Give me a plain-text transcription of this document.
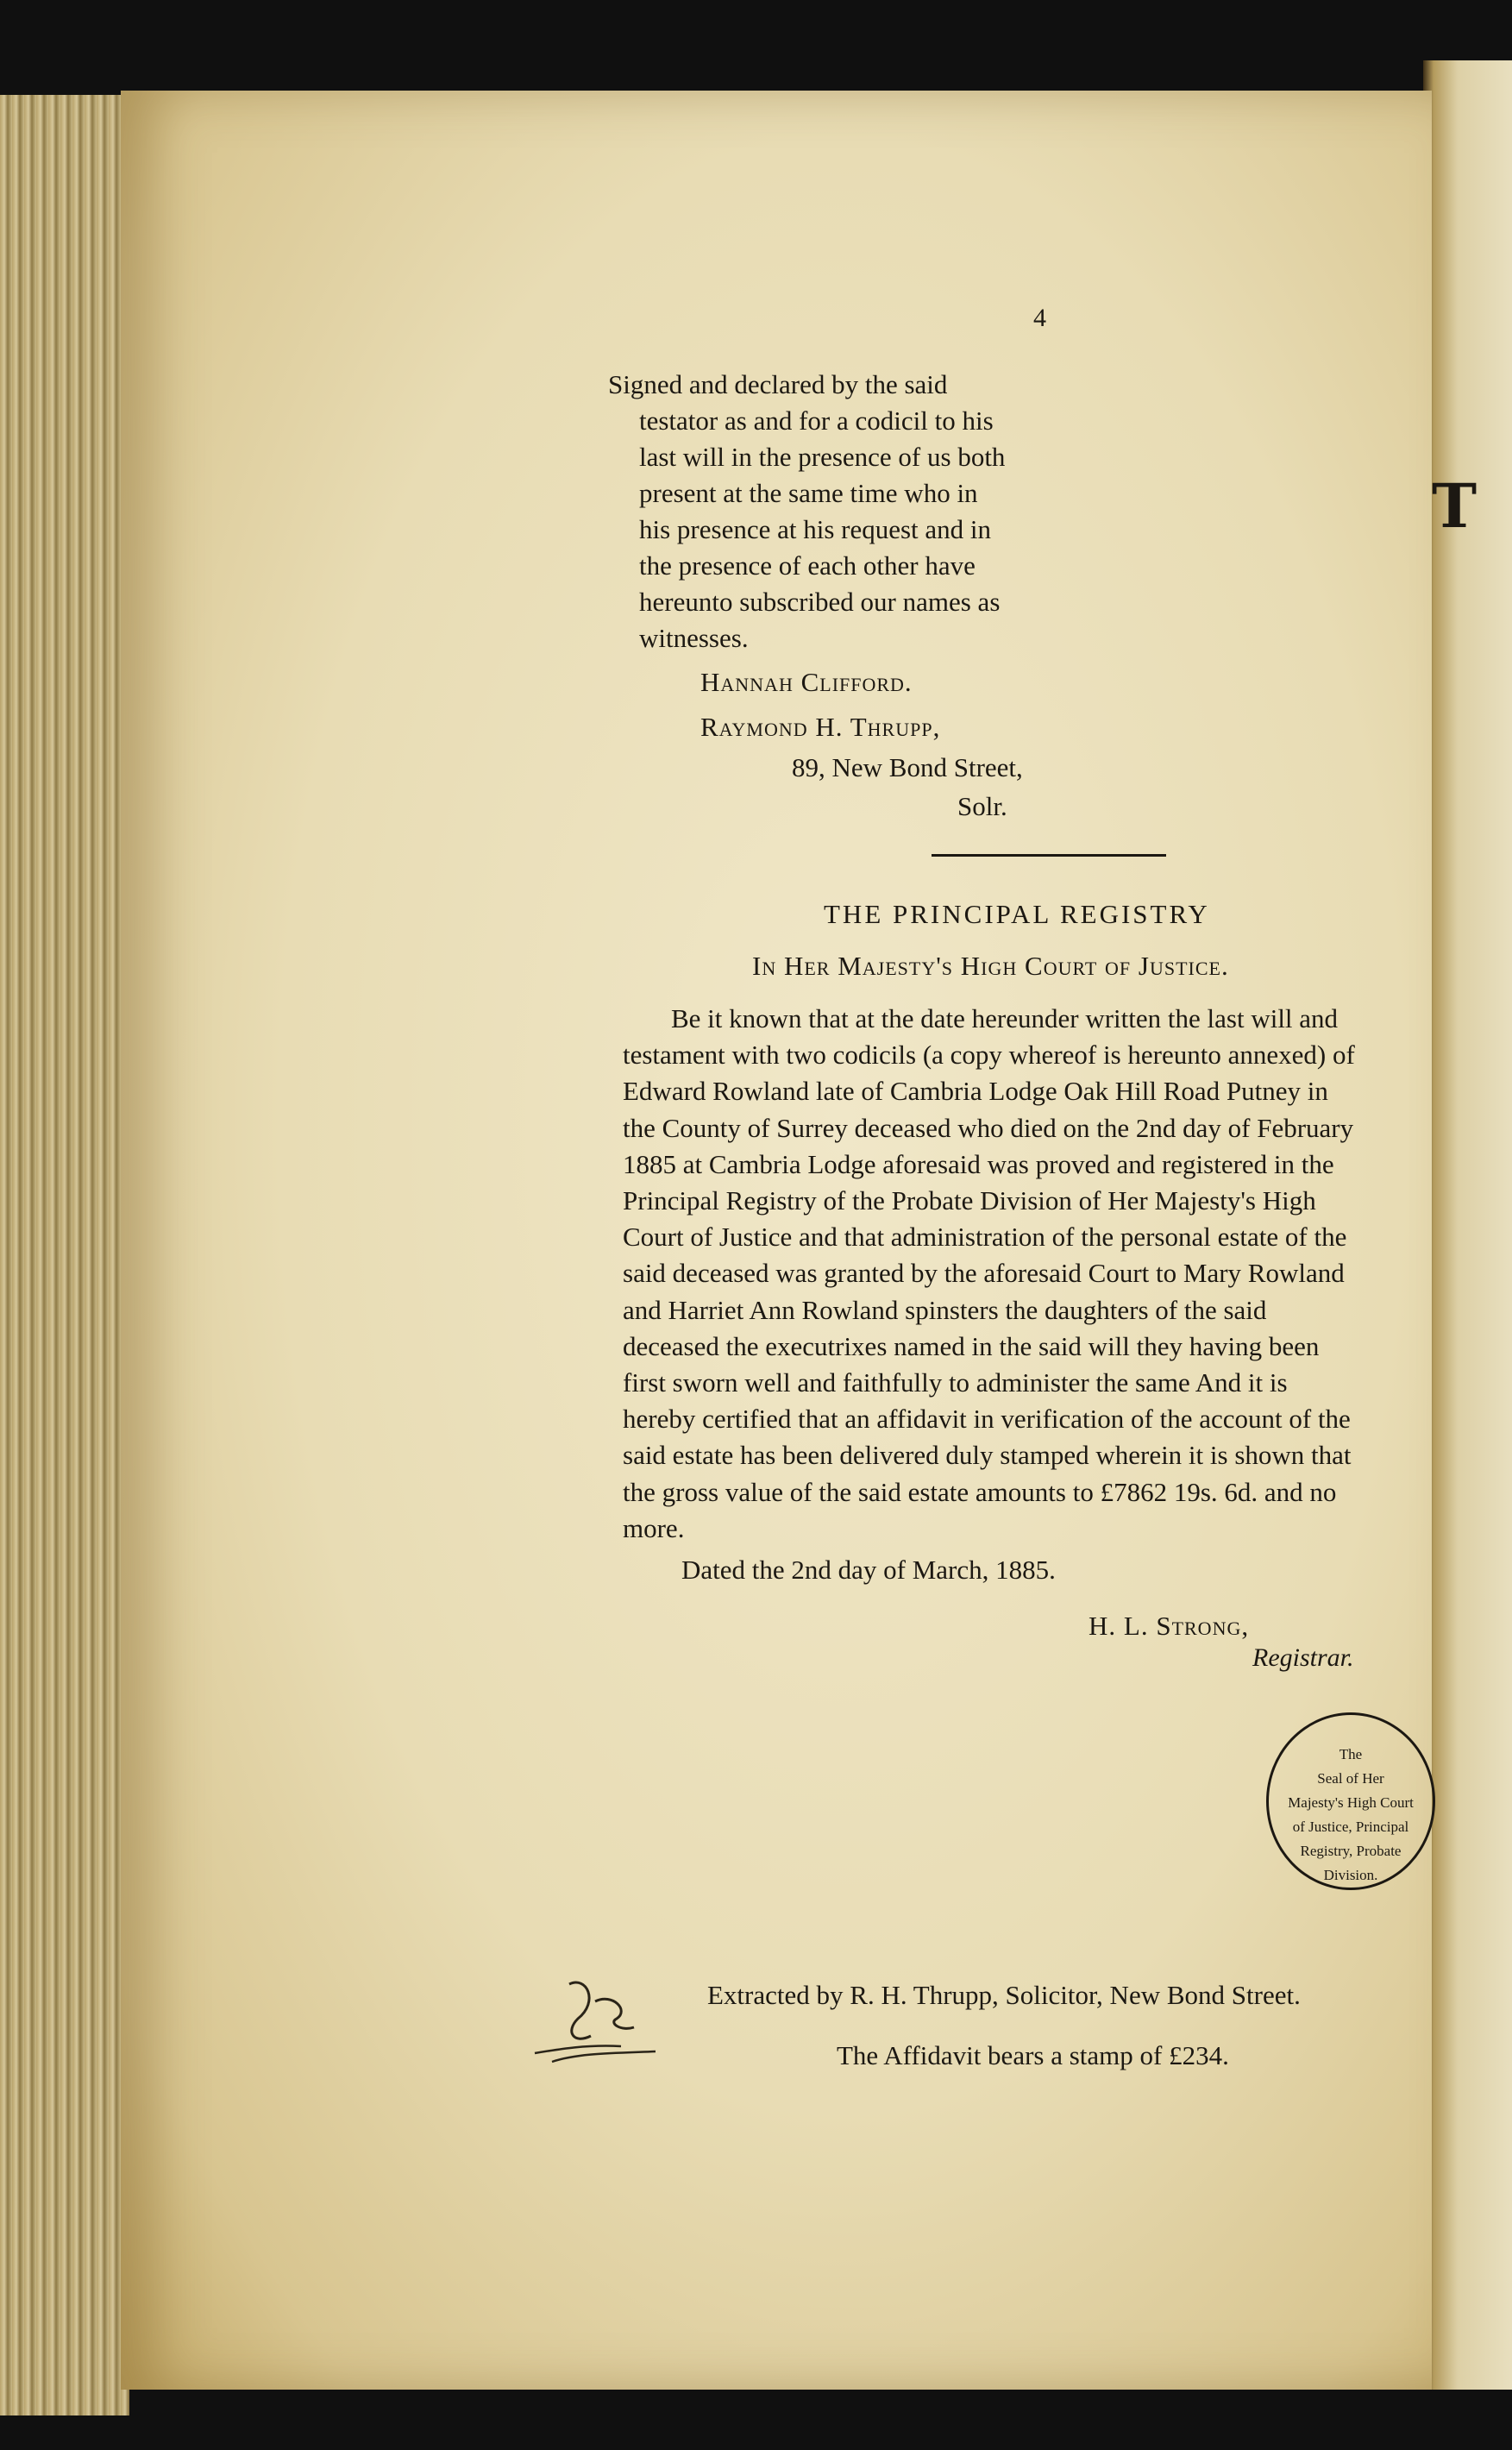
T

4
Signed and declared by the said
testator as and for a codicil to his
last will in the presence of us both
present at the same time who in
his presence at his request and in
the presence of each other have
hereunto subscribed our names as
witnesses.
Hannah Clifford.
Raymond H. Thrupp,
89, New Bond Street,
Solr.
THE PRINCIPAL REGISTRY
In Her Majesty's High Court of Justice.
Be it known that at the date hereunder written the last will and
testament with two codicils (a copy whereof is hereunto annexed) of
Edward Rowland late of Cambria Lodge Oak Hill Road Putney in
the County of Surrey deceased who died on the 2nd day of February
1885 at Cambria Lodge aforesaid was proved and registered in the
Principal Registry of the Probate Division of Her Majesty's High
Court of Justice and that administration of the personal estate of the
said deceased was granted by the aforesaid Court to Mary Rowland
and Harriet Ann Rowland spinsters the daughters of the said
deceased the executrixes named in the said will they having been
first sworn well and faithfully to administer the same And it is
hereby certified that an affidavit in verification of the account of the
said estate has been delivered duly stamped wherein it is shown that
the gross value of the said estate amounts to £7862 19s. 6d. and no
more.
Dated the 2nd day of March, 1885.
H. L. Strong,
Registrar.
The
Seal of Her
Majesty's High Court
of Justice, Principal
Registry, Probate
Division.
Extracted by R. H. Thrupp, Solicitor, New Bond Street.
The Affidavit bears a stamp of £234.
